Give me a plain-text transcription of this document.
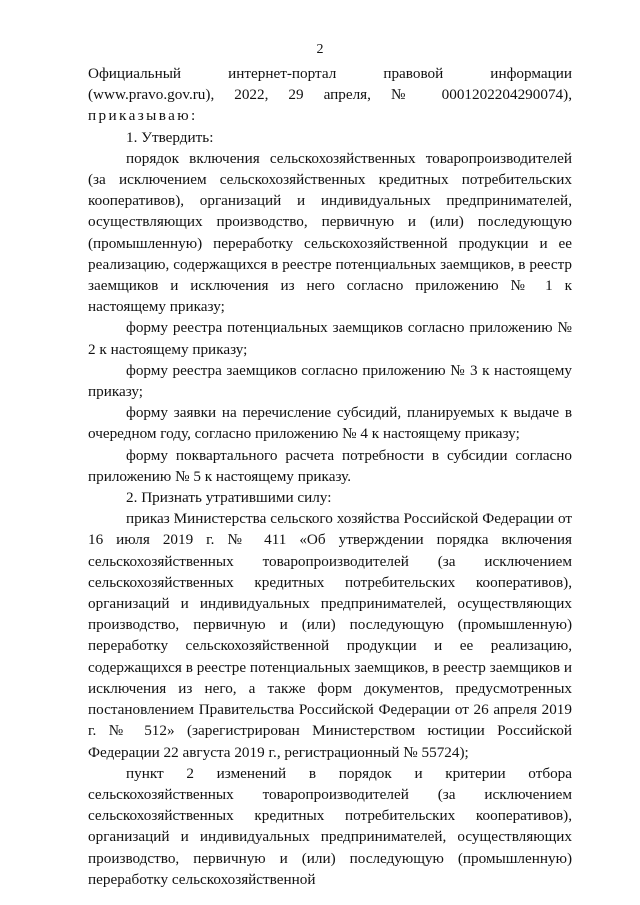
2

Официальный интернет-портал правовой информации (www.pravo.gov.ru), 2022, 29 апреля, № 0001202204290074), приказываю:

1. Утвердить:

порядок включения сельскохозяйственных товаропроизводителей (за исключением сельскохозяйственных кредитных потребительских кооперативов), организаций и индивидуальных предпринимателей, осуществляющих производство, первичную и (или) последующую (промышленную) переработку сельскохозяйственной продукции и ее реализацию, содержащихся в реестре потенциальных заемщиков, в реестр заемщиков и исключения из него согласно приложению № 1 к настоящему приказу;

форму реестра потенциальных заемщиков согласно приложению № 2 к настоящему приказу;

форму реестра заемщиков согласно приложению № 3 к настоящему приказу;

форму заявки на перечисление субсидий, планируемых к выдаче в очередном году, согласно приложению № 4 к настоящему приказу;

форму поквартального расчета потребности в субсидии согласно приложению № 5 к настоящему приказу.

2. Признать утратившими силу:

приказ Министерства сельского хозяйства Российской Федерации от 16 июля 2019 г. № 411 «Об утверждении порядка включения сельскохозяйственных товаропроизводителей (за исключением сельскохозяйственных кредитных потребительских кооперативов), организаций и индивидуальных предпринимателей, осуществляющих производство, первичную и (или) последующую (промышленную) переработку сельскохозяйственной продукции и ее реализацию, содержащихся в реестре потенциальных заемщиков, в реестр заемщиков и исключения из него, а также форм документов, предусмотренных постановлением Правительства Российской Федерации от 26 апреля 2019 г. № 512» (зарегистрирован Министерством юстиции Российской Федерации 22 августа 2019 г., регистрационный № 55724);

пункт 2 изменений в порядок и критерии отбора сельскохозяйственных товаропроизводителей (за исключением сельскохозяйственных кредитных потребительских кооперативов), организаций и индивидуальных предпринимателей, осуществляющих производство, первичную и (или) последующую (промышленную) переработку сельскохозяйственной
